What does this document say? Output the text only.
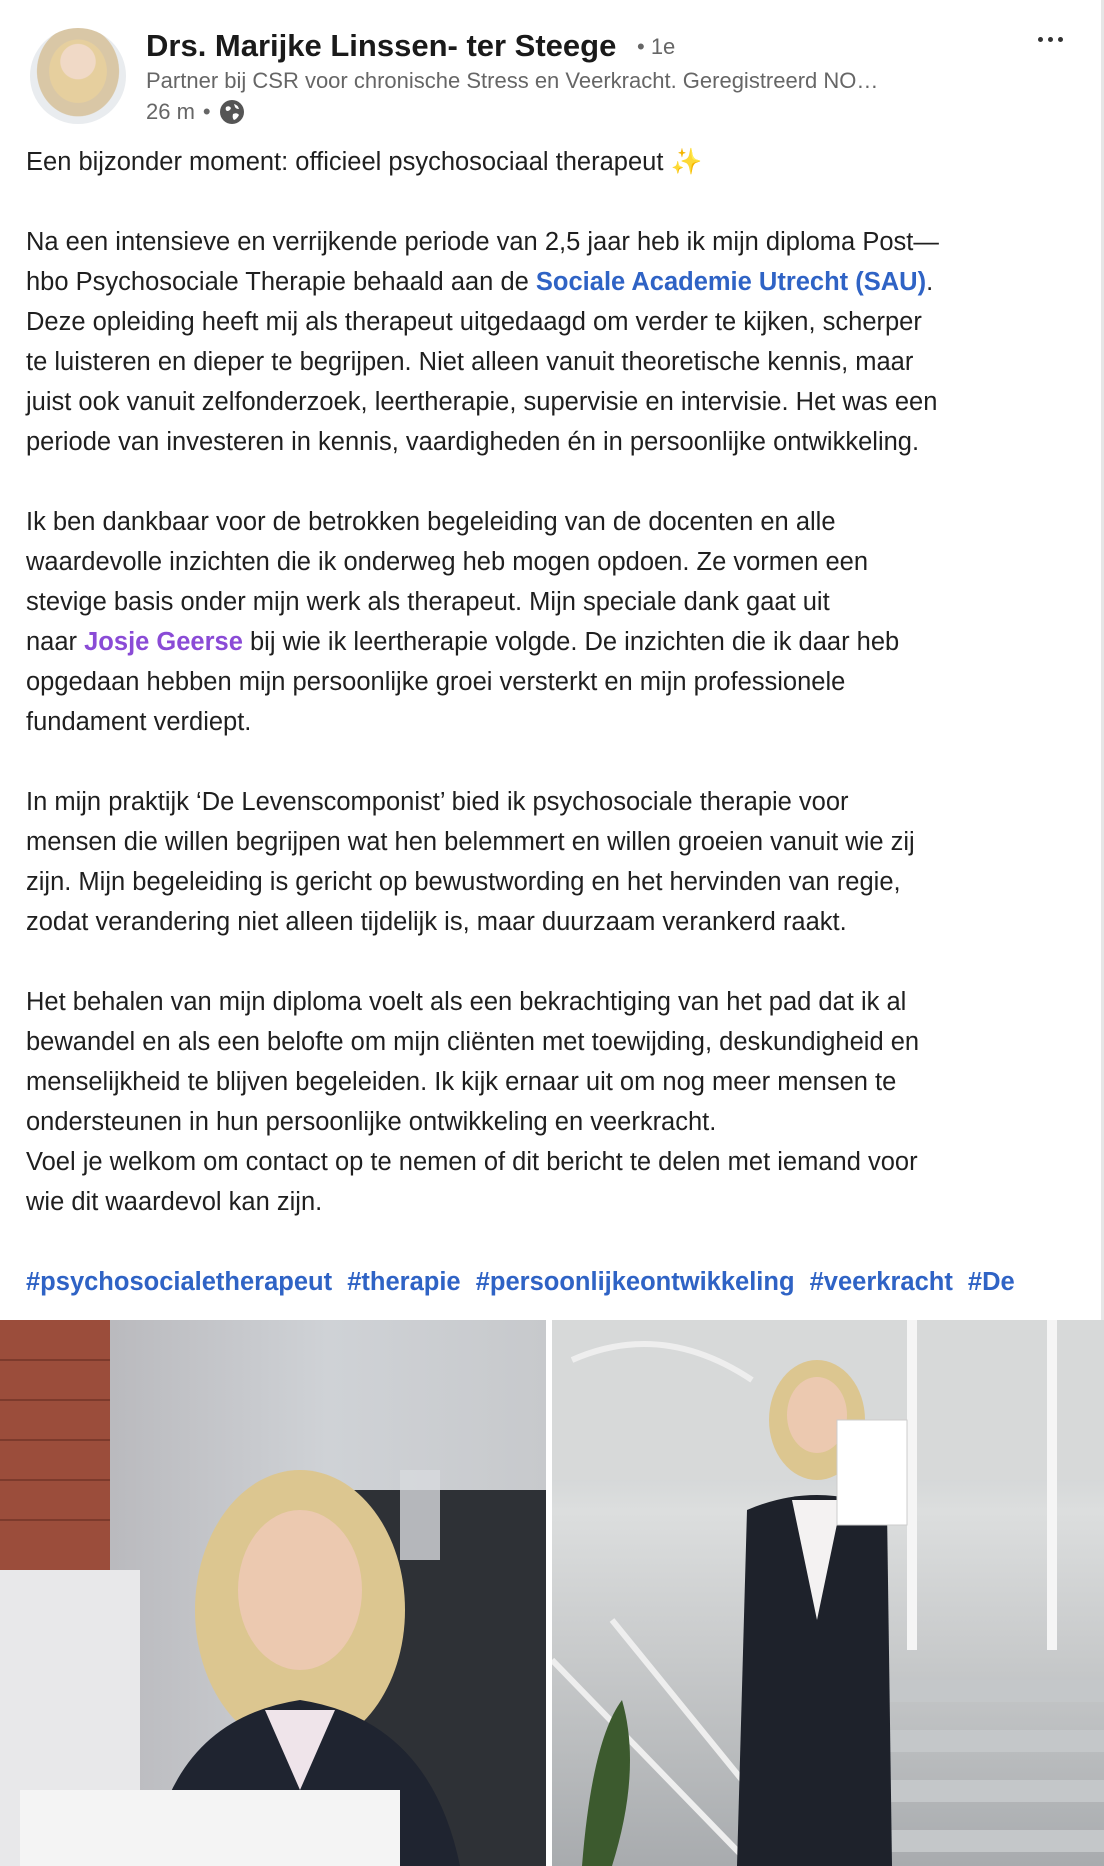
Drs. Marijke Linssen- ter Steege • 1e
Partner bij CSR voor chronische Stress en Veerkracht. Geregistreerd NO…
26 m •

Een bijzonder moment: officieel psychosociaal therapeut ✨

Na een intensieve en verrijkende periode van 2,5 jaar heb ik mijn diploma Post—

hbo Psychosociale Therapie behaald aan de Sociale Academie Utrecht (SAU).

Deze opleiding heeft mij als therapeut uitgedaagd om verder te kijken, scherper

te luisteren en dieper te begrijpen. Niet alleen vanuit theoretische kennis, maar

juist ook vanuit zelfonderzoek, leertherapie, supervisie en intervisie. Het was een

periode van investeren in kennis, vaardigheden én in persoonlijke ontwikkeling.

Ik ben dankbaar voor de betrokken begeleiding van de docenten en alle

waardevolle inzichten die ik onderweg heb mogen opdoen. Ze vormen een

stevige basis onder mijn werk als therapeut. Mijn speciale dank gaat uit

naar Josje Geerse bij wie ik leertherapie volgde. De inzichten die ik daar heb

opgedaan hebben mijn persoonlijke groei versterkt en mijn professionele

fundament verdiept.

In mijn praktijk ‘De Levenscomponist’ bied ik psychosociale therapie voor

mensen die willen begrijpen wat hen belemmert en willen groeien vanuit wie zij

zijn. Mijn begeleiding is gericht op bewustwording en het hervinden van regie,

zodat verandering niet alleen tijdelijk is, maar duurzaam verankerd raakt.

Het behalen van mijn diploma voelt als een bekrachtiging van het pad dat ik al

bewandel en als een belofte om mijn cliënten met toewijding, deskundigheid en

menselijkheid te blijven begeleiden. Ik kijk ernaar uit om nog meer mensen te

ondersteunen in hun persoonlijke ontwikkeling en veerkracht.

Voel je welkom om contact op te nemen of dit bericht te delen met iemand voor

wie dit waardevol kan zijn.

#psychosocialetherapeut #therapie #persoonlijkeontwikkeling #veerkracht #De
